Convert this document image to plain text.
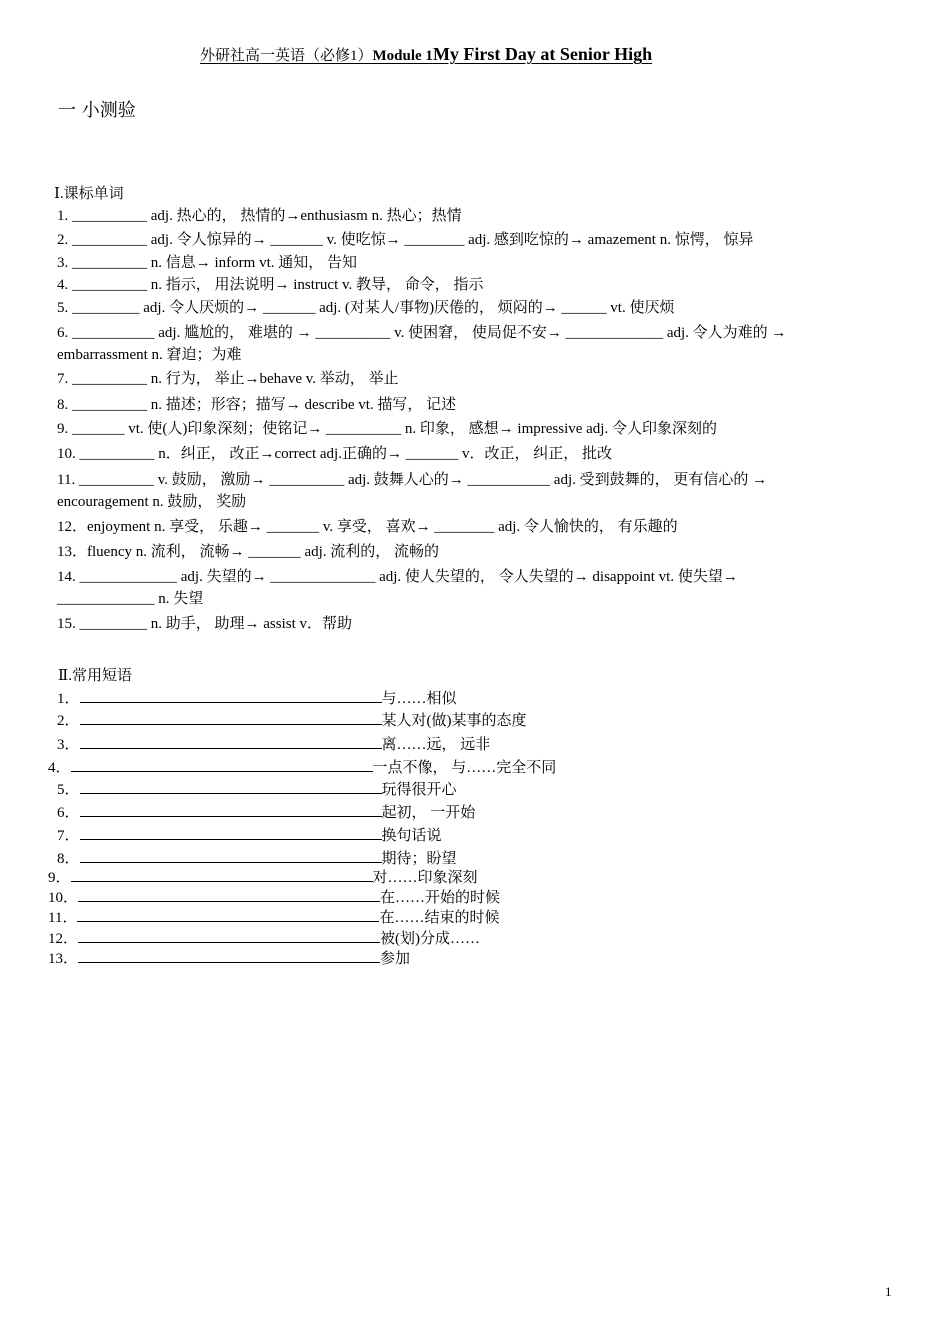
外研社高一英语（必修1）Module 1My First Day at Senior High
一 小测验
Ⅰ.课标单词
1. __________ adj. 热心的， 热情的→enthusiasm n. 热心；热情
2. __________ adj. 令人惊异的→ _______ v. 使吃惊→ ________ adj. 感到吃惊的→ amazement n. 惊愕， 惊异
3. __________ n. 信息→ inform vt. 通知， 告知
4. __________ n. 指示， 用法说明→ instruct v. 教导， 命令， 指示
5. _________ adj. 令人厌烦的→ _______ adj. (对某人/事物)厌倦的， 烦闷的→ ______ vt. 使厌烦
6. ___________ adj. 尴尬的， 难堪的 → __________ v. 使困窘， 使局促不安→ _____________ adj. 令人为难的 →
embarrassment n. 窘迫；为难
7. __________ n. 行为， 举止→behave v. 举动， 举止
8. __________ n. 描述；形容；描写→ describe vt. 描写， 记述
9. _______ vt. 使(人)印象深刻；使铭记→ __________ n. 印象， 感想→ impressive adj. 令人印象深刻的
10. __________ n．纠正， 改正→correct adj.正确的→ _______ v．改正， 纠正， 批改
11. __________ v. 鼓励， 激励→ __________ adj. 鼓舞人心的→ ___________ adj. 受到鼓舞的， 更有信心的 →
encouragement n. 鼓励， 奖励
12．enjoyment n. 享受， 乐趣→ _______ v. 享受， 喜欢→ ________ adj. 令人愉快的， 有乐趣的
13．fluency n. 流利， 流畅→ _______ adj. 流利的， 流畅的
14. _____________ adj. 失望的→ ______________ adj. 使人失望的， 令人失望的→ disappoint vt. 使失望→
_____________ n. 失望
15. _________ n. 助手， 助理→ assist v．帮助
Ⅱ.常用短语
1．	与……相似
2．	某人对(做)某事的态度
3．	离……远， 远非
4．	一点不像， 与……完全不同
5．	玩得很开心
6．	起初， 一开始
7．	换句话说
8．	期待；盼望
9．	对……印象深刻
10．	在……开始的时候
11．	在……结束的时候
12．	被(划)分成……
13．	参加
1
